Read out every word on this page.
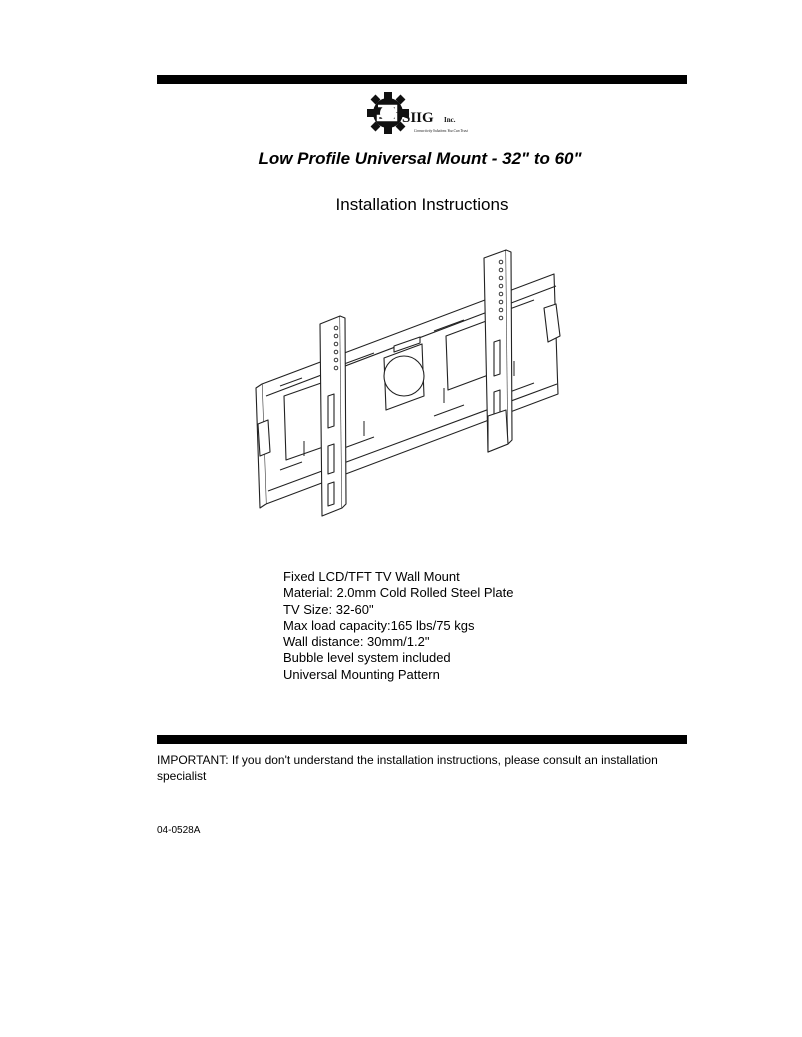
SIIG Inc.
Connectivity Solutions You Can Trust
Low Profile Universal Mount - 32" to 60"
Installation Instructions
Fixed LCD/TFT TV Wall Mount
Material: 2.0mm Cold Rolled Steel Plate
TV Size: 32-60"
Max load capacity:165 lbs/75 kgs
Wall distance: 30mm/1.2"
Bubble level system included
Universal Mounting Pattern
IMPORTANT: If you don't understand the installation instructions, please consult an installation specialist
04-0528A
